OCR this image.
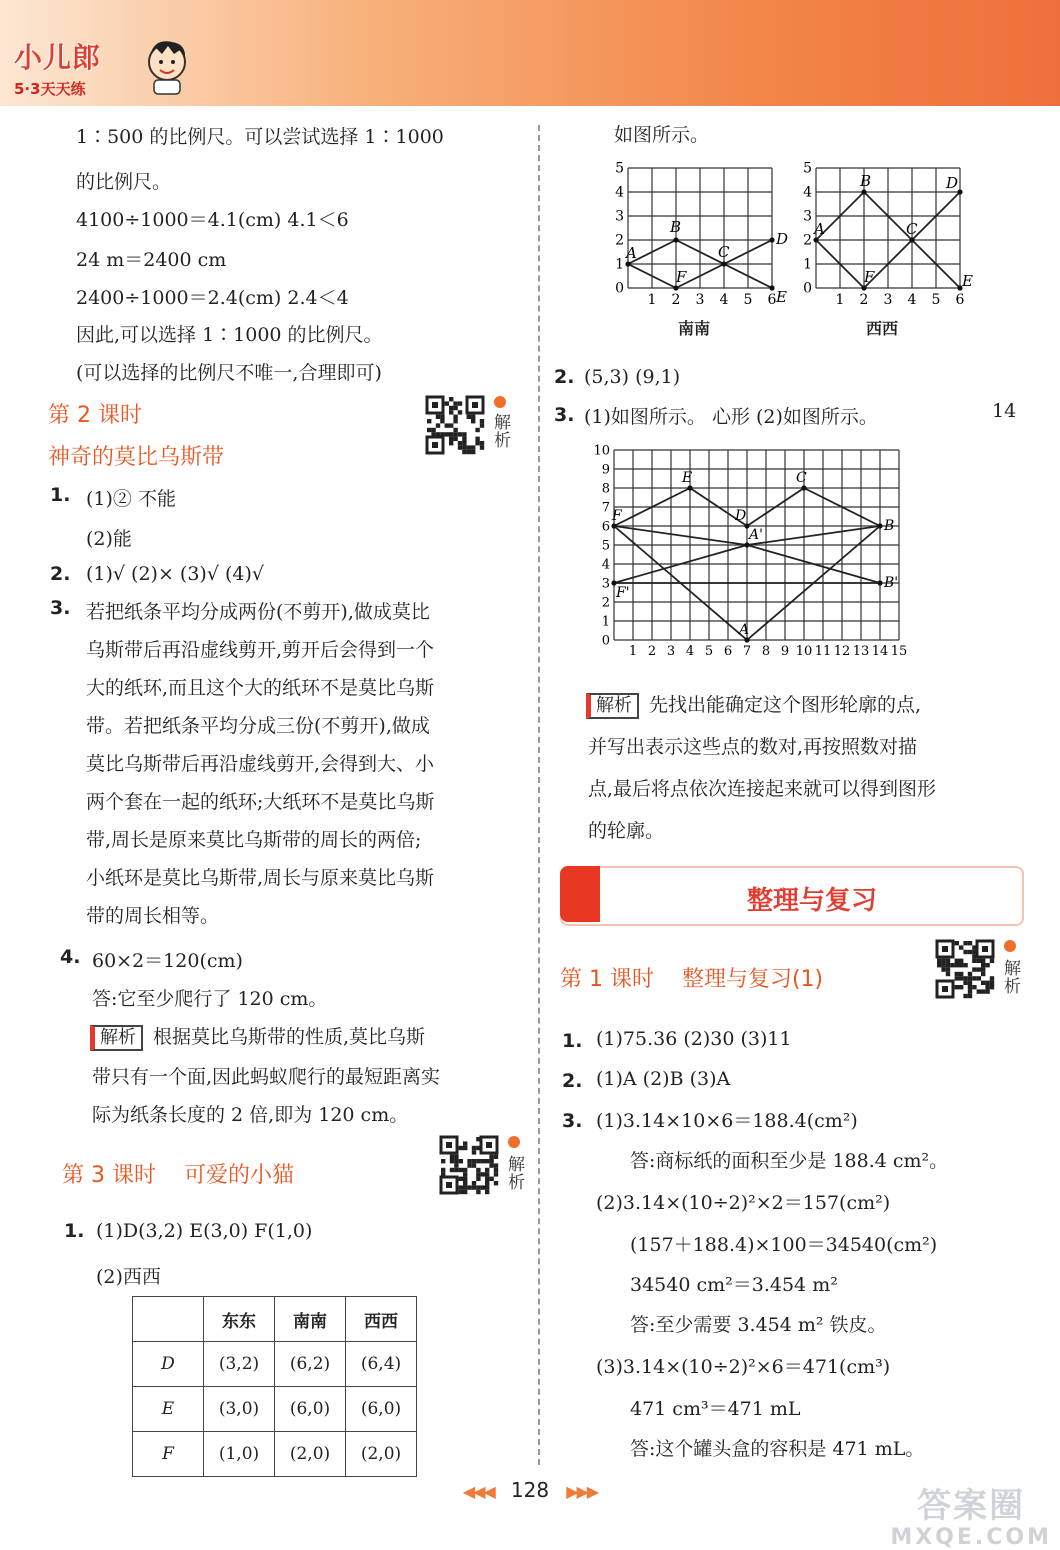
小儿郎
5·3天天练
1∶500 的比例尺。可以尝试选择 1∶1000
的比例尺。
4100÷1000＝4.1(cm) 4.1＜6
24 m＝2400 cm
2400÷1000＝2.4(cm) 2.4＜4
因此,可以选择 1∶1000 的比例尺。
(可以选择的比例尺不唯一,合理即可)
第 2 课时
神奇的莫比乌斯带
解析
1. (1)② 不能
(2)能
2. (1)√ (2)× (3)√ (4)√
3. 若把纸条平均分成两份(不剪开),做成莫比
乌斯带后再沿虚线剪开,剪开后会得到一个
大的纸环,而且这个大的纸环不是莫比乌斯
带。若把纸条平均分成三份(不剪开),做成
莫比乌斯带后再沿虚线剪开,会得到大、小
两个套在一起的纸环;大纸环不是莫比乌斯
带,周长是原来莫比乌斯带的周长的两倍;
小纸环是莫比乌斯带,周长与原来莫比乌斯
带的周长相等。
4. 60×2＝120(cm)
答:它至少爬行了 120 cm。
解析 根据莫比乌斯带的性质,莫比乌斯
带只有一个面,因此蚂蚁爬行的最短距离实
际为纸条长度的 2 倍,即为 120 cm。
第 3 课时 可爱的小猫	解析
1. (1)D(3,2) E(3,0) F(1,0)
(2)西西
	东东	南南	西西
D	(3,2)	(6,2)	(6,4)
E	(3,0)	(6,0)	(6,0)
F	(1,0)	(2,0)	(2,0)
如图所示。
1 2 3 4 5 6
0
1
2
3
4
5
A
B
C
D
E
F
南南
1 2 3 4 5 6
0
1
2
3
4
5
A
B
C
D
E
F
西西
2. (5,3) (9,1)
3. (1)如图所示。 心形 (2)如图所示。	14
1 2 3 4 5 6 7 8 9 10 11 12 13 14 15
0
1
2
3
4
5
6
7
8
9
10
A
B
C
D
E
F
A'
B'
F'
解析 先找出能确定这个图形轮廓的点,
并写出表示这些点的数对,再按照数对描
点,最后将点依次连接起来就可以得到图形
的轮廓。
整理与复习
第 1 课时 整理与复习(1)	解析
1. (1)75.36 (2)30 (3)11
2. (1)A (2)B (3)A
3. (1)3.14×10×6＝188.4(cm²)
答:商标纸的面积至少是 188.4 cm²。
(2)3.14×(10÷2)²×2＝157(cm²)
(157＋188.4)×100＝34540(cm²)
34540 cm²＝3.454 m²
答:至少需要 3.454 m² 铁皮。
(3)3.14×(10÷2)²×6＝471(cm³)
471 cm³＝471 mL
答:这个罐头盒的容积是 471 mL。
◀◀◀ 128 ▶▶▶	答案圈
MXQE.COM
